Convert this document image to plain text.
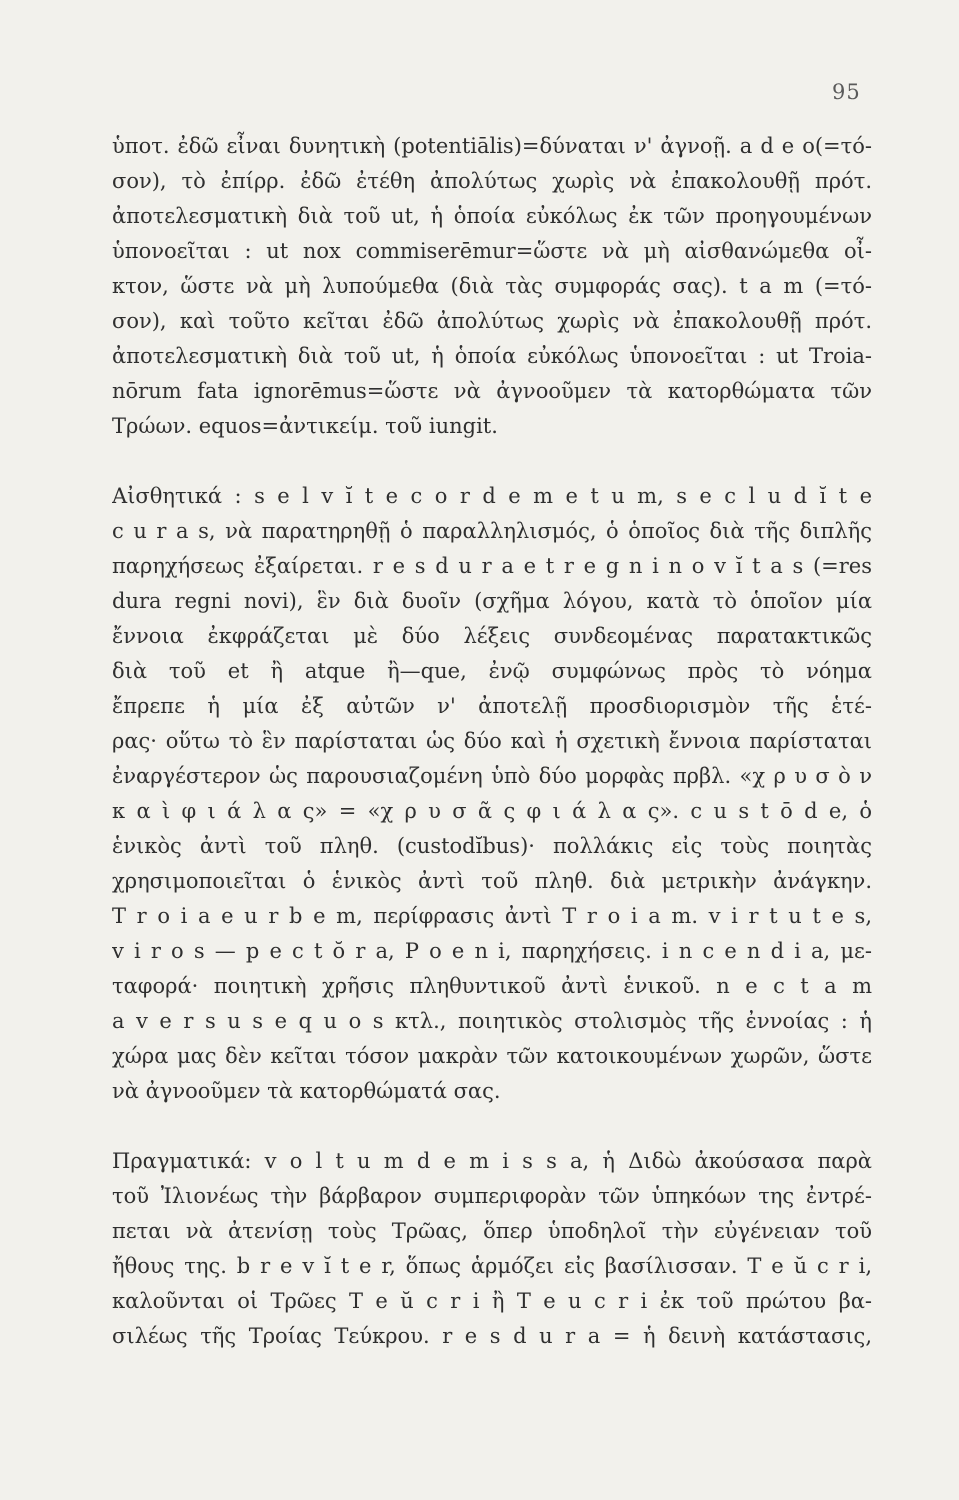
95
ὑποτ. ἐδῶ εἶναι δυνητικὴ (potentiālis)=δύναται ν' ἀγνοῇ. a d e o(=τό-
σον), τὸ ἐπίρρ. ἐδῶ ἐτέθη ἀπολύτως χωρὶς νὰ ἐπακολουθῇ πρότ.
ἀποτελεσματικὴ διὰ τοῦ ut, ἡ ὁποία εὐκόλως ἐκ τῶν προηγουμένων
ὑπονοεῖται : ut nox commiserēmur=ὥστε νὰ μὴ αἰσθανώμεθα οἶ-
κτον, ὥστε νὰ μὴ λυπούμεθα (διὰ τὰς συμφοράς σας). t a m (=τό-
σον), καὶ τοῦτο κεῖται ἐδῶ ἀπολύτως χωρὶς νὰ ἐπακολουθῇ πρότ.
ἀποτελεσματικὴ διὰ τοῦ ut, ἡ ὁποία εὐκόλως ὑπονοεῖται : ut Troia-
nōrum fata ignorēmus=ὥστε νὰ ἀγνοοῦμεν τὰ κατορθώματα τῶν
Τρώων. equos=ἀντικείμ. τοῦ iungit.
Αἰσθητικά : s e l v ĭ t e c o r d e m e t u m, s e c l u d ĭ t e
c u r a s, νὰ παρατηρηθῇ ὁ παραλληλισμός, ὁ ὁποῖος διὰ τῆς διπλῆς
παρηχήσεως ἐξαίρεται. r e s d u r a e t r e g n i n o v ĭ t a s (=res
dura regni novi), ἓν διὰ δυοῖν (σχῆμα λόγου, κατὰ τὸ ὁποῖον μία
ἔννοια ἐκφράζεται μὲ δύο λέξεις συνδεομένας παρατακτικῶς
διὰ τοῦ et ἢ atque ἢ—que, ἐνῷ συμφώνως πρὸς τὸ νόημα
ἔπρεπε ἡ μία ἐξ αὐτῶν ν' ἀποτελῇ προσδιορισμὸν τῆς ἑτέ-
ρας· οὕτω τὸ ἓν παρίσταται ὡς δύο καὶ ἡ σχετικὴ ἔννοια παρίσταται
ἐναργέστερον ὡς παρουσιαζομένη ὑπὸ δύο μορφὰς πρβλ. «χ ρ υ σ ὸ ν
κ α ὶ φ ι ά λ α ς» = «χ ρ υ σ ᾶ ς φ ι ά λ α ς». c u s t ō d e, ὁ
ἑνικὸς ἀντὶ τοῦ πληθ. (custodĭbus)· πολλάκις εἰς τοὺς ποιητὰς
χρησιμοποιεῖται ὁ ἑνικὸς ἀντὶ τοῦ πληθ. διὰ μετρικὴν ἀνάγκην.
T r o i a e u r b e m, περίφρασις ἀντὶ T r o i a m. v i r t u t e s,
v i r o s — p e c t ŏ r a, P o e n i, παρηχήσεις. i n c e n d i a, με-
ταφορά· ποιητικὴ χρῆσις πληθυντικοῦ ἀντὶ ἑνικοῦ. n e c t a m
a v e r s u s e q u o s κτλ., ποιητικὸς στολισμὸς τῆς ἐννοίας : ἡ
χώρα μας δὲν κεῖται τόσον μακρὰν τῶν κατοικουμένων χωρῶν, ὥστε
νὰ ἀγνοοῦμεν τὰ κατορθώματά σας.
Πραγματικά: v o l t u m d e m i s s a, ἡ Διδὼ ἀκούσασα παρὰ
τοῦ Ἰλιονέως τὴν βάρβαρον συμπεριφορὰν τῶν ὑπηκόων της ἐντρέ-
πεται νὰ ἀτενίσῃ τοὺς Τρῶας, ὅπερ ὑποδηλοῖ τὴν εὐγένειαν τοῦ
ἤθους της. b r e v ĭ t e r, ὅπως ἁρμόζει εἰς βασίλισσαν. T e ŭ c r i,
καλοῦνται οἱ Τρῶες T e ŭ c r i ἢ T e u c r i ἐκ τοῦ πρώτου βα-
σιλέως τῆς Τροίας Τεύκρου. r e s d u r a = ἡ δεινὴ κατάστασις,
